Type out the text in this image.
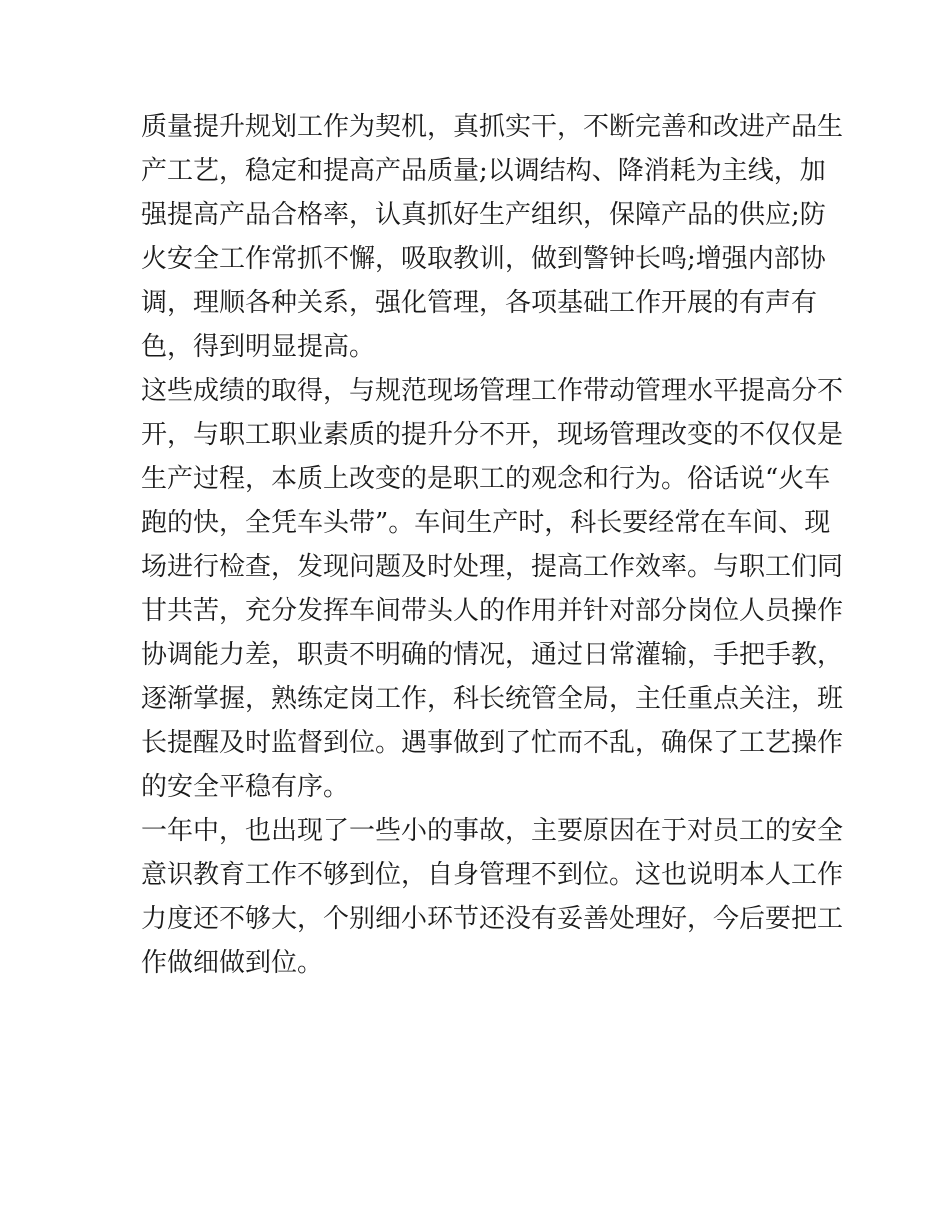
质量提升规划工作为契机，真抓实干，不断完善和改进产品生
产工艺，稳定和提高产品质量;以调结构、降消耗为主线，加
强提高产品合格率，认真抓好生产组织，保障产品的供应;防
火安全工作常抓不懈，吸取教训，做到警钟长鸣;增强内部协
调，理顺各种关系，强化管理，各项基础工作开展的有声有
色，得到明显提高。
这些成绩的取得，与规范现场管理工作带动管理水平提高分不
开，与职工职业素质的提升分不开，现场管理改变的不仅仅是
生产过程，本质上改变的是职工的观念和行为。俗话说“火车
跑的快，全凭车头带”。车间生产时，科长要经常在车间、现
场进行检查，发现问题及时处理，提高工作效率。与职工们同
甘共苦，充分发挥车间带头人的作用并针对部分岗位人员操作
协调能力差，职责不明确的情况，通过日常灌输，手把手教，
逐渐掌握，熟练定岗工作，科长统管全局，主任重点关注，班
长提醒及时监督到位。遇事做到了忙而不乱，确保了工艺操作
的安全平稳有序。
一年中，也出现了一些小的事故，主要原因在于对员工的安全
意识教育工作不够到位，自身管理不到位。这也说明本人工作
力度还不够大，个别细小环节还没有妥善处理好，今后要把工
作做细做到位。
